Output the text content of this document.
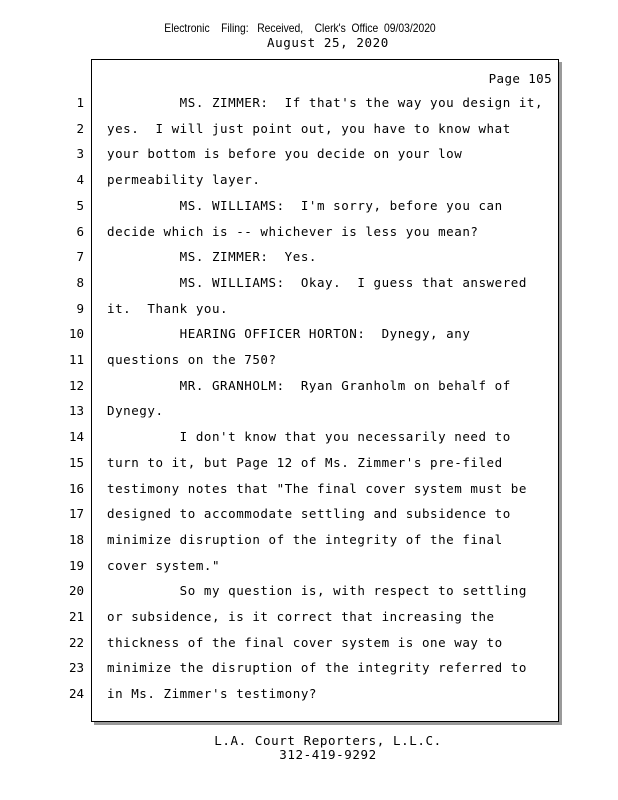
Electronic    Filing:   Received,    Clerk's  Office  09/03/2020
August 25, 2020
Page 105
1 MS. ZIMMER:  If that's the way you design it,
2 yes.  I will just point out, you have to know what
3 your bottom is before you decide on your low
4 permeability layer.
5 MS. WILLIAMS:  I'm sorry, before you can
6 decide which is -- whichever is less you mean?
7 MS. ZIMMER:  Yes.
8 MS. WILLIAMS:  Okay.  I guess that answered
9 it.  Thank you.
10 HEARING OFFICER HORTON:  Dynegy, any
11 questions on the 750?
12 MR. GRANHOLM:  Ryan Granholm on behalf of
13 Dynegy.
14 I don't know that you necessarily need to
15 turn to it, but Page 12 of Ms. Zimmer's pre-filed
16 testimony notes that "The final cover system must be
17 designed to accommodate settling and subsidence to
18 minimize disruption of the integrity of the final
19 cover system."
20 So my question is, with respect to settling
21 or subsidence, is it correct that increasing the
22 thickness of the final cover system is one way to
23 minimize the disruption of the integrity referred to
24 in Ms. Zimmer's testimony?
L.A. Court Reporters, L.L.C.
312-419-9292
